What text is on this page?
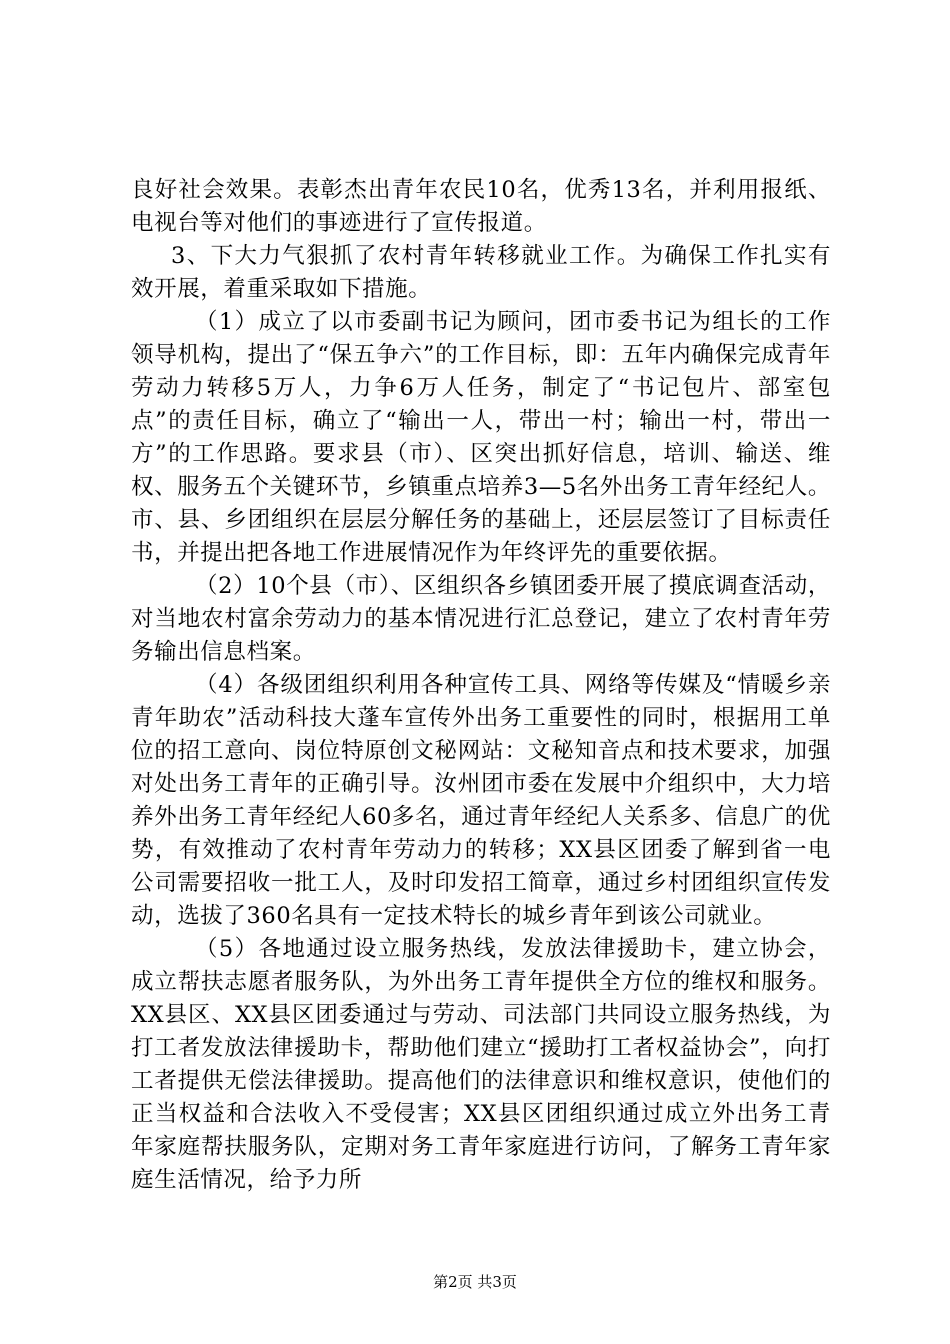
良好社会效果。表彰杰出青年农民10名，优秀13名，并利用报纸、电视台等对他们的事迹进行了宣传报道。

3、下大力气狠抓了农村青年转移就业工作。为确保工作扎实有效开展，着重采取如下措施。

（1）成立了以市委副书记为顾问，团市委书记为组长的工作领导机构，提出了“保五争六”的工作目标，即：五年内确保完成青年劳动力转移5万人，力争6万人任务，制定了“书记包片、部室包点”的责任目标，确立了“输出一人，带出一村；输出一村，带出一方”的工作思路。要求县（市）、区突出抓好信息，培训、输送、维权、服务五个关键环节，乡镇重点培养3—5名外出务工青年经纪人。市、县、乡团组织在层层分解任务的基础上，还层层签订了目标责任书，并提出把各地工作进展情况作为年终评先的重要依据。

（2）10个县（市）、区组织各乡镇团委开展了摸底调查活动，对当地农村富余劳动力的基本情况进行汇总登记，建立了农村青年劳务输出信息档案。

（4）各级团组织利用各种宣传工具、网络等传媒及“情暖乡亲青年助农”活动科技大蓬车宣传外出务工重要性的同时，根据用工单位的招工意向、岗位特原创文秘网站：文秘知音点和技术要求，加强对处出务工青年的正确引导。汝州团市委在发展中介组织中，大力培养外出务工青年经纪人60多名，通过青年经纪人关系多、信息广的优势，有效推动了农村青年劳动力的转移；XX县区团委了解到省一电公司需要招收一批工人，及时印发招工简章，通过乡村团组织宣传发动，选拔了360名具有一定技术特长的城乡青年到该公司就业。

（5）各地通过设立服务热线，发放法律援助卡，建立协会，成立帮扶志愿者服务队，为外出务工青年提供全方位的维权和服务。XX县区、XX县区团委通过与劳动、司法部门共同设立服务热线，为打工者发放法律援助卡，帮助他们建立“援助打工者权益协会”，向打工者提供无偿法律援助。提高他们的法律意识和维权意识，使他们的正当权益和合法收入不受侵害；XX县区团组织通过成立外出务工青年家庭帮扶服务队，定期对务工青年家庭进行访问，了解务工青年家庭生活情况，给予力所

第2页 共3页
